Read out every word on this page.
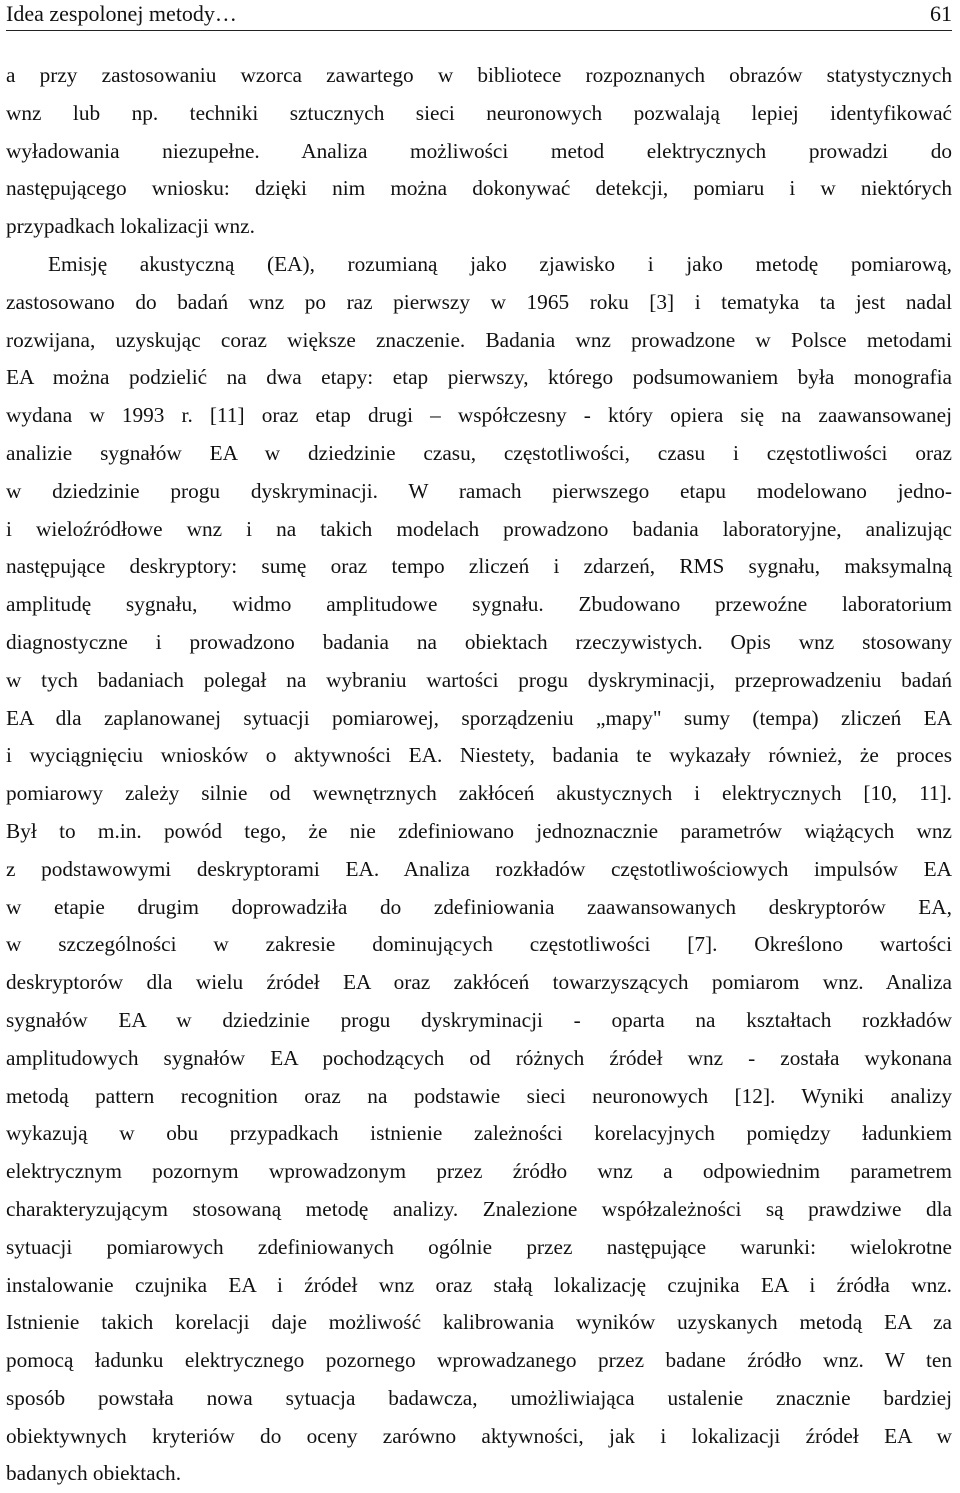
Idea zespolonej metody…	61
a przy zastosowaniu wzorca zawartego w bibliotece rozpoznanych obrazów statystycznych
wnz lub np. techniki sztucznych sieci neuronowych pozwalają lepiej identyfikować
wyładowania niezupełne. Analiza możliwości metod elektrycznych prowadzi do
następującego wniosku: dzięki nim można dokonywać detekcji, pomiaru i w niektórych
przypadkach lokalizacji wnz.
Emisję akustyczną (EA), rozumianą jako zjawisko i jako metodę pomiarową,
zastosowano do badań wnz po raz pierwszy w 1965 roku [3] i tematyka ta jest nadal
rozwijana, uzyskując coraz większe znaczenie. Badania wnz prowadzone w Polsce metodami
EA można podzielić na dwa etapy: etap pierwszy, którego podsumowaniem była monografia
wydana w 1993 r. [11] oraz etap drugi – współczesny - który opiera się na zaawansowanej
analizie sygnałów EA w dziedzinie czasu, częstotliwości, czasu i częstotliwości oraz
w dziedzinie progu dyskryminacji. W ramach pierwszego etapu modelowano jedno-
i wieloźródłowe wnz i na takich modelach prowadzono badania laboratoryjne, analizując
następujące deskryptory: sumę oraz tempo zliczeń i zdarzeń, RMS sygnału, maksymalną
amplitudę sygnału, widmo amplitudowe sygnału. Zbudowano przewoźne laboratorium
diagnostyczne i prowadzono badania na obiektach rzeczywistych. Opis wnz stosowany
w tych badaniach polegał na wybraniu wartości progu dyskryminacji, przeprowadzeniu badań
EA dla zaplanowanej sytuacji pomiarowej, sporządzeniu „mapy" sumy (tempa) zliczeń EA
i wyciągnięciu wniosków o aktywności EA. Niestety, badania te wykazały również, że proces
pomiarowy zależy silnie od wewnętrznych zakłóceń akustycznych i elektrycznych [10, 11].
Był to m.in. powód tego, że nie zdefiniowano jednoznacznie parametrów wiążących wnz
z podstawowymi deskryptorami EA. Analiza rozkładów częstotliwościowych impulsów EA
w etapie drugim doprowadziła do zdefiniowania zaawansowanych deskryptorów EA,
w szczególności w zakresie dominujących częstotliwości [7]. Określono wartości
deskryptorów dla wielu źródeł EA oraz zakłóceń towarzyszących pomiarom wnz. Analiza
sygnałów EA w dziedzinie progu dyskryminacji - oparta na kształtach rozkładów
amplitudowych sygnałów EA pochodzących od różnych źródeł wnz - została wykonana
metodą pattern recognition oraz na podstawie sieci neuronowych [12]. Wyniki analizy
wykazują w obu przypadkach istnienie zależności korelacyjnych pomiędzy ładunkiem
elektrycznym pozornym wprowadzonym przez źródło wnz a odpowiednim parametrem
charakteryzującym stosowaną metodę analizy. Znalezione współzależności są prawdziwe dla
sytuacji pomiarowych zdefiniowanych ogólnie przez następujące warunki: wielokrotne
instalowanie czujnika EA i źródeł wnz oraz stałą lokalizację czujnika EA i źródła wnz.
Istnienie takich korelacji daje możliwość kalibrowania wyników uzyskanych metodą EA za
pomocą ładunku elektrycznego pozornego wprowadzanego przez badane źródło wnz. W ten
sposób powstała nowa sytuacja badawcza, umożliwiająca ustalenie znacznie bardziej
obiektywnych kryteriów do oceny zarówno aktywności, jak i lokalizacji źródeł EA w
badanych obiektach.
